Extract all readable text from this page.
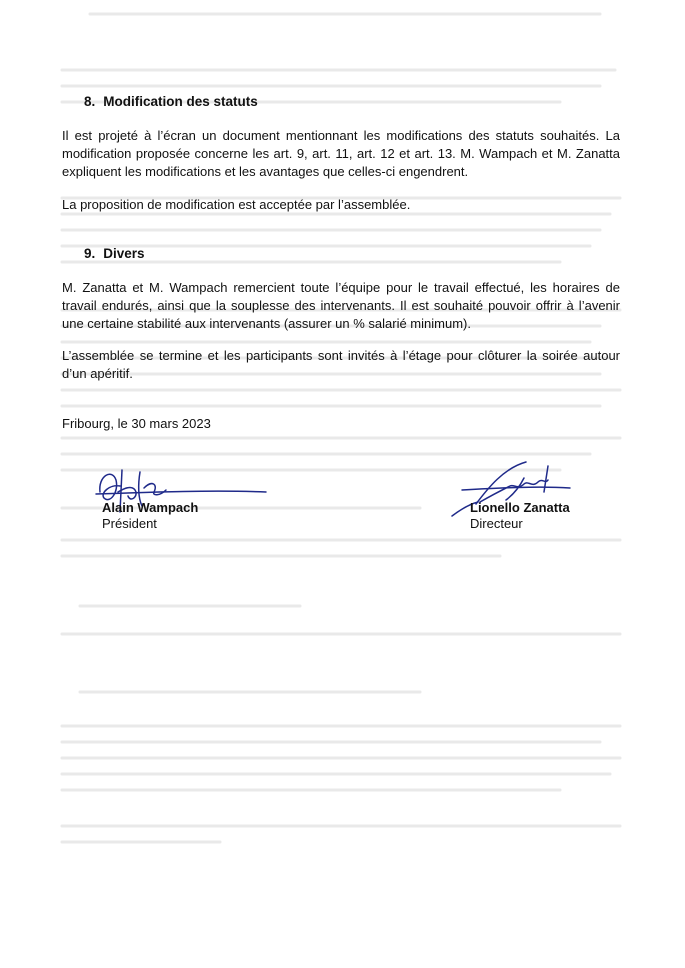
8. Modification des statuts

Il est projeté à l’écran un document mentionnant les modifications des statuts souhaités. La modification proposée concerne les art. 9, art. 11, art. 12 et art. 13. M. Wampach et M. Zanatta expliquent les modifications et les avantages que celles-ci engendrent.

La proposition de modification est acceptée par l’assemblée.

9. Divers

M. Zanatta et M. Wampach remercient toute l’équipe pour le travail effectué, les horaires de travail endurés, ainsi que la souplesse des intervenants. Il est souhaité pouvoir offrir à l’avenir une certaine stabilité aux intervenants (assurer un % salarié minimum).

L’assemblée se termine et les participants sont invités à l’étage pour clôturer la soirée autour d’un apéritif.

Fribourg, le 30 mars 2023

Alain Wampach

Président

Lionello Zanatta

Directeur
